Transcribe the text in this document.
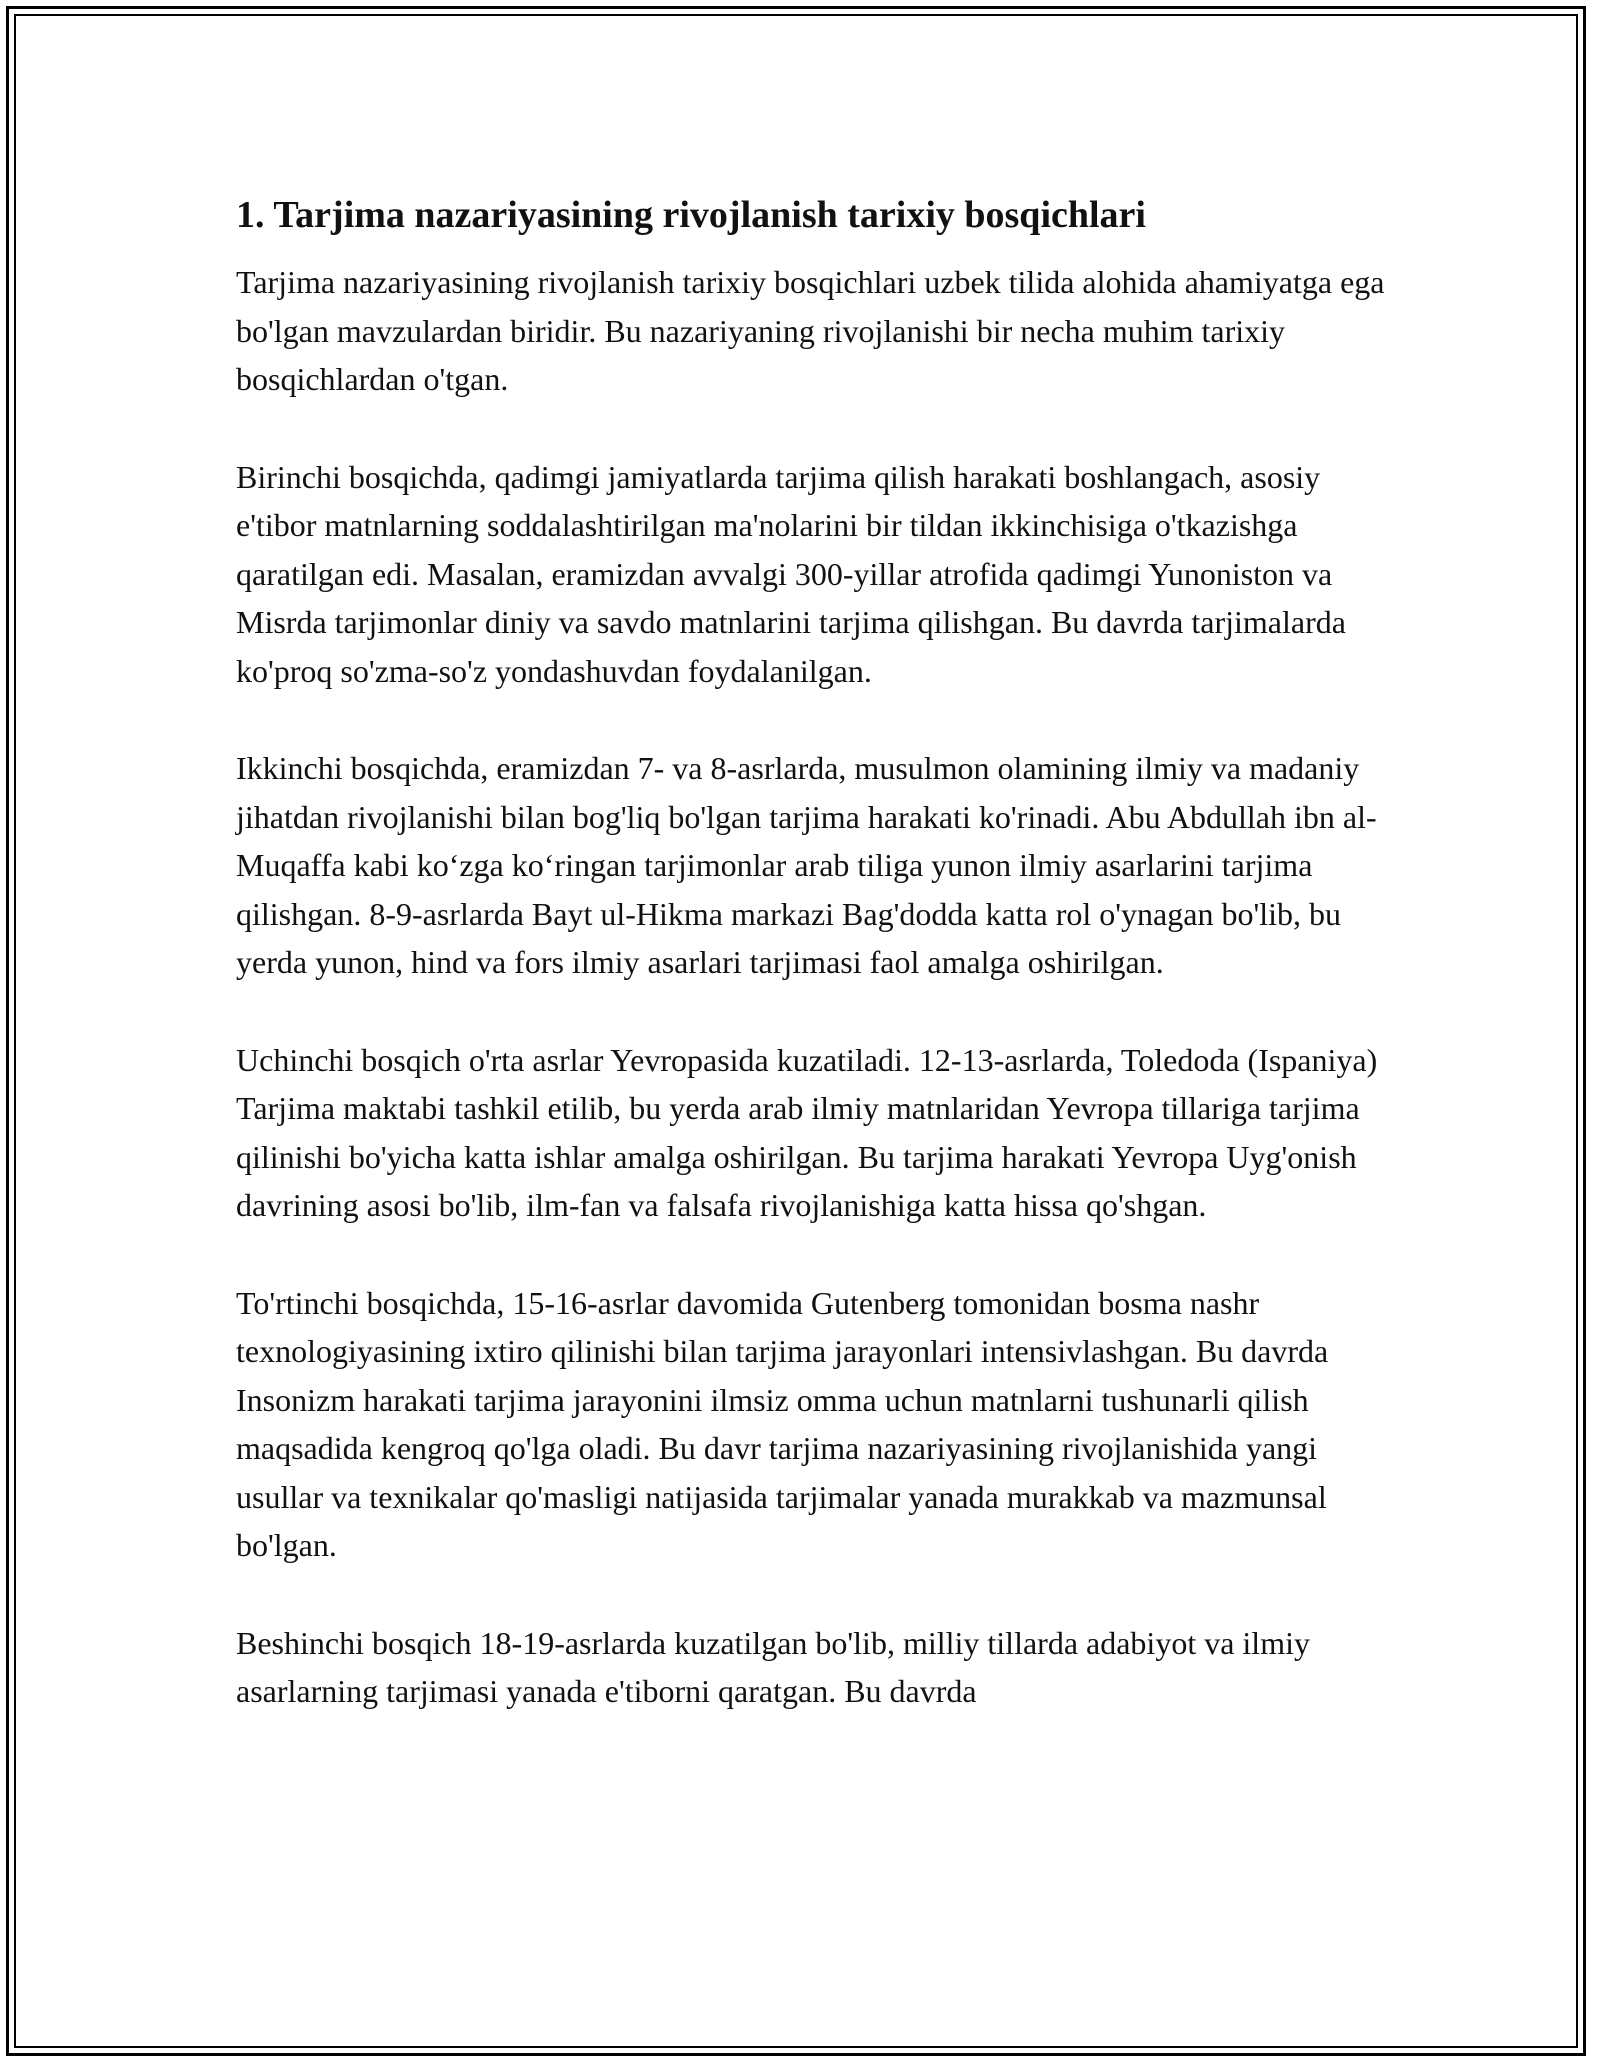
1. Tarjima nazariyasining rivojlanish tarixiy bosqichlari

Tarjima nazariyasining rivojlanish tarixiy bosqichlari uzbek tilida alohida ahamiyatga ega bo'lgan mavzulardan biridir. Bu nazariyaning rivojlanishi bir necha muhim tarixiy bosqichlardan o'tgan.

Birinchi bosqichda, qadimgi jamiyatlarda tarjima qilish harakati boshlangach, asosiy e'tibor matnlarning soddalashtirilgan ma'nolarini bir tildan ikkinchisiga o'tkazishga qaratilgan edi. Masalan, eramizdan avvalgi 300-yillar atrofida qadimgi Yunoniston va Misrda tarjimonlar diniy va savdo matnlarini tarjima qilishgan. Bu davrda tarjimalarda ko'proq so'zma-so'z yondashuvdan foydalanilgan.

Ikkinchi bosqichda, eramizdan 7- va 8-asrlarda, musulmon olamining ilmiy va madaniy jihatdan rivojlanishi bilan bog'liq bo'lgan tarjima harakati ko'rinadi. Abu Abdullah ibn al-Muqaffa kabi ko‘zga ko‘ringan tarjimonlar arab tiliga yunon ilmiy asarlarini tarjima qilishgan. 8-9-asrlarda Bayt ul-Hikma markazi Bag'dodda katta rol o'ynagan bo'lib, bu yerda yunon, hind va fors ilmiy asarlari tarjimasi faol amalga oshirilgan.

Uchinchi bosqich o'rta asrlar Yevropasida kuzatiladi. 12-13-asrlarda, Toledoda (Ispaniya) Tarjima maktabi tashkil etilib, bu yerda arab ilmiy matnlaridan Yevropa tillariga tarjima qilinishi bo'yicha katta ishlar amalga oshirilgan. Bu tarjima harakati Yevropa Uyg'onish davrining asosi bo'lib, ilm-fan va falsafa rivojlanishiga katta hissa qo'shgan.

To'rtinchi bosqichda, 15-16-asrlar davomida Gutenberg tomonidan bosma nashr texnologiyasining ixtiro qilinishi bilan tarjima jarayonlari intensivlashgan. Bu davrda Insonizm harakati tarjima jarayonini ilmsiz omma uchun matnlarni tushunarli qilish maqsadida kengroq qo'lga oladi. Bu davr tarjima nazariyasining rivojlanishida yangi usullar va texnikalar qo'masligi natijasida tarjimalar yanada murakkab va mazmunsal bo'lgan.

Beshinchi bosqich 18-19-asrlarda kuzatilgan bo'lib, milliy tillarda adabiyot va ilmiy asarlarning tarjimasi yanada e'tiborni qaratgan. Bu davrda
